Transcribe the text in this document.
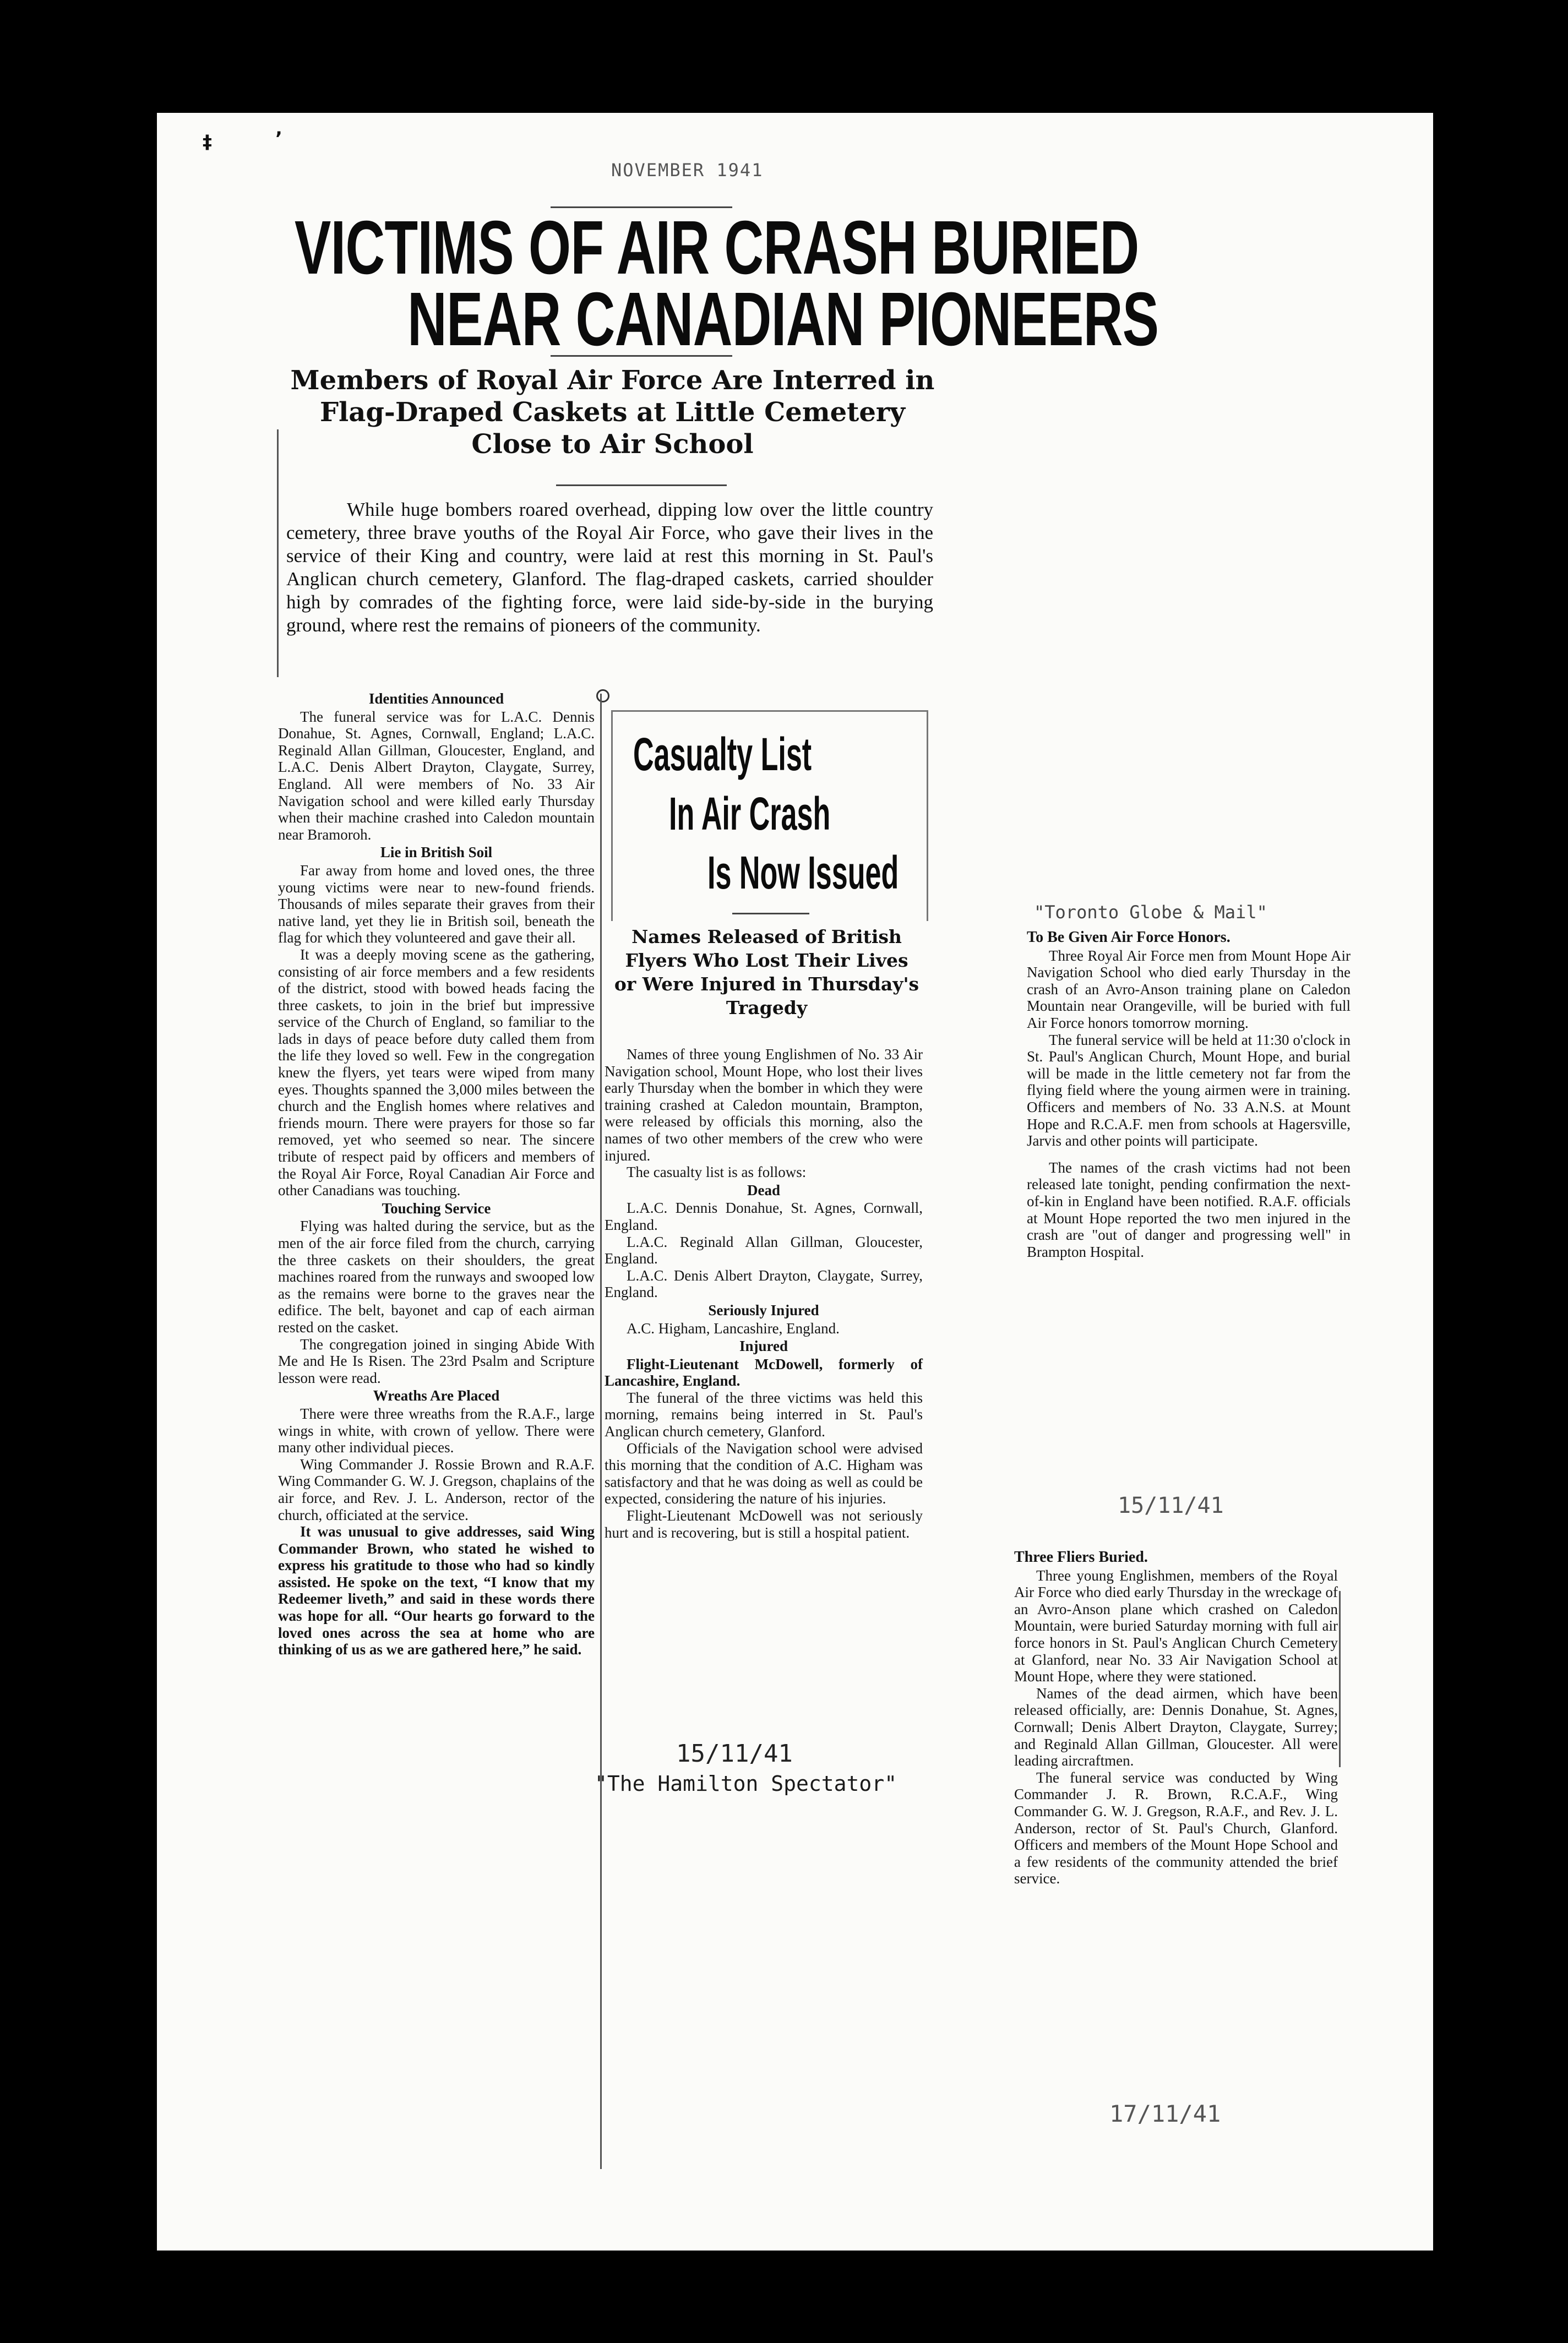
‡	ʼ
NOVEMBER 1941
VICTIMS OF AIR CRASH BURIED
NEAR CANADIAN PIONEERS
Members of Royal Air Force Are Interred in Flag-Draped Caskets at Little Cemetery Close to Air School

While huge bombers roared overhead, dipping low over the little country cemetery, three brave youths of the Royal Air Force, who gave their lives in the service of their King and country, were laid at rest this morning in St. Paul's Anglican church cemetery, Glanford. The flag-draped caskets, carried shoulder high by comrades of the fighting force, were laid side-by-side in the burying ground, where rest the remains of pioneers of the community.

Identities Announced

The funeral service was for L.A.C. Dennis Donahue, St. Agnes, Cornwall, England; L.A.C. Reginald Allan Gillman, Gloucester, England, and L.A.C. Denis Albert Drayton, Claygate, Surrey, England. All were members of No. 33 Air Navigation school and were killed early Thursday when their machine crashed into Caledon mountain near Bramoroh.

Lie in British Soil

Far away from home and loved ones, the three young victims were near to new-found friends. Thousands of miles separate their graves from their native land, yet they lie in British soil, beneath the flag for which they volunteered and gave their all.

It was a deeply moving scene as the gathering, consisting of air force members and a few residents of the district, stood with bowed heads facing the three caskets, to join in the brief but impressive service of the Church of England, so familiar to the lads in days of peace before duty called them from the life they loved so well. Few in the congregation knew the flyers, yet tears were wiped from many eyes. Thoughts spanned the 3,000 miles between the church and the English homes where relatives and friends mourn. There were prayers for those so far removed, yet who seemed so near. The sincere tribute of respect paid by officers and members of the Royal Air Force, Royal Canadian Air Force and other Canadians was touching.

Touching Service

Flying was halted during the service, but as the men of the air force filed from the church, carrying the three caskets on their shoulders, the great machines roared from the runways and swooped low as the remains were borne to the graves near the edifice. The belt, bayonet and cap of each airman rested on the casket.

The congregation joined in singing Abide With Me and He Is Risen. The 23rd Psalm and Scripture lesson were read.

Wreaths Are Placed

There were three wreaths from the R.A.F., large wings in white, with crown of yellow. There were many other individual pieces.

Wing Commander J. Rossie Brown and R.A.F. Wing Commander G. W. J. Gregson, chaplains of the air force, and Rev. J. L. Anderson, rector of the church, officiated at the service.

It was unusual to give addresses, said Wing Commander Brown, who stated he wished to express his gratitude to those who had so kindly assisted. He spoke on the text, “I know that my Redeemer liveth,” and said in these words there was hope for all. “Our hearts go forward to the loved ones across the sea at home who are thinking of us as we are gathered here,” he said.

Casualty List
In Air Crash
Is Now Issued
Names Released of British Flyers Who Lost Their Lives or Were Injured in Thursday's Tragedy

Names of three young Englishmen of No. 33 Air Navigation school, Mount Hope, who lost their lives early Thursday when the bomber in which they were training crashed at Caledon mountain, Brampton, were released by officials this morning, also the names of two other members of the crew who were injured.

The casualty list is as follows:

Dead

L.A.C. Dennis Donahue, St. Agnes, Cornwall, England.

L.A.C. Reginald Allan Gillman, Gloucester, England.

L.A.C. Denis Albert Drayton, Claygate, Surrey, England.

Seriously Injured

A.C. Higham, Lancashire, England.

Injured

Flight-Lieutenant McDowell, formerly of Lancashire, England.

The funeral of the three victims was held this morning, remains being interred in St. Paul's Anglican church cemetery, Glanford.

Officials of the Navigation school were advised this morning that the condition of A.C. Higham was satisfactory and that he was doing as well as could be expected, considering the nature of his injuries.

Flight-Lieutenant McDowell was not seriously hurt and is recovering, but is still a hospital patient.

15/11/41
"The Hamilton Spectator"
"Toronto Globe & Mail"
To Be Given Air Force Honors.

Three Royal Air Force men from Mount Hope Air Navigation School who died early Thursday in the crash of an Avro-Anson training plane on Caledon Mountain near Orangeville, will be buried with full Air Force honors tomorrow morning.

The funeral service will be held at 11:30 o'clock in St. Paul's Anglican Church, Mount Hope, and burial will be made in the little cemetery not far from the flying field where the young airmen were in training. Officers and members of No. 33 A.N.S. at Mount Hope and R.C.A.F. men from schools at Hagersville, Jarvis and other points will participate.

The names of the crash victims had not been released late tonight, pending confirmation the next-of-kin in England have been notified. R.A.F. officials at Mount Hope reported the two men injured in the crash are "out of danger and progressing well" in Brampton Hospital.

15/11/41
Three Fliers Buried.

Three young Englishmen, members of the Royal Air Force who died early Thursday in the wreckage of an Avro-Anson plane which crashed on Caledon Mountain, were buried Saturday morning with full air force honors in St. Paul's Anglican Church Cemetery at Glanford, near No. 33 Air Navigation School at Mount Hope, where they were stationed.

Names of the dead airmen, which have been released officially, are: Dennis Donahue, St. Agnes, Cornwall; Denis Albert Drayton, Claygate, Surrey; and Reginald Allan Gillman, Gloucester. All were leading aircraftmen.

The funeral service was conducted by Wing Commander J. R. Brown, R.C.A.F., Wing Commander G. W. J. Gregson, R.A.F., and Rev. J. L. Anderson, rector of St. Paul's Church, Glanford. Officers and members of the Mount Hope School and a few residents of the community attended the brief service.

17/11/41
